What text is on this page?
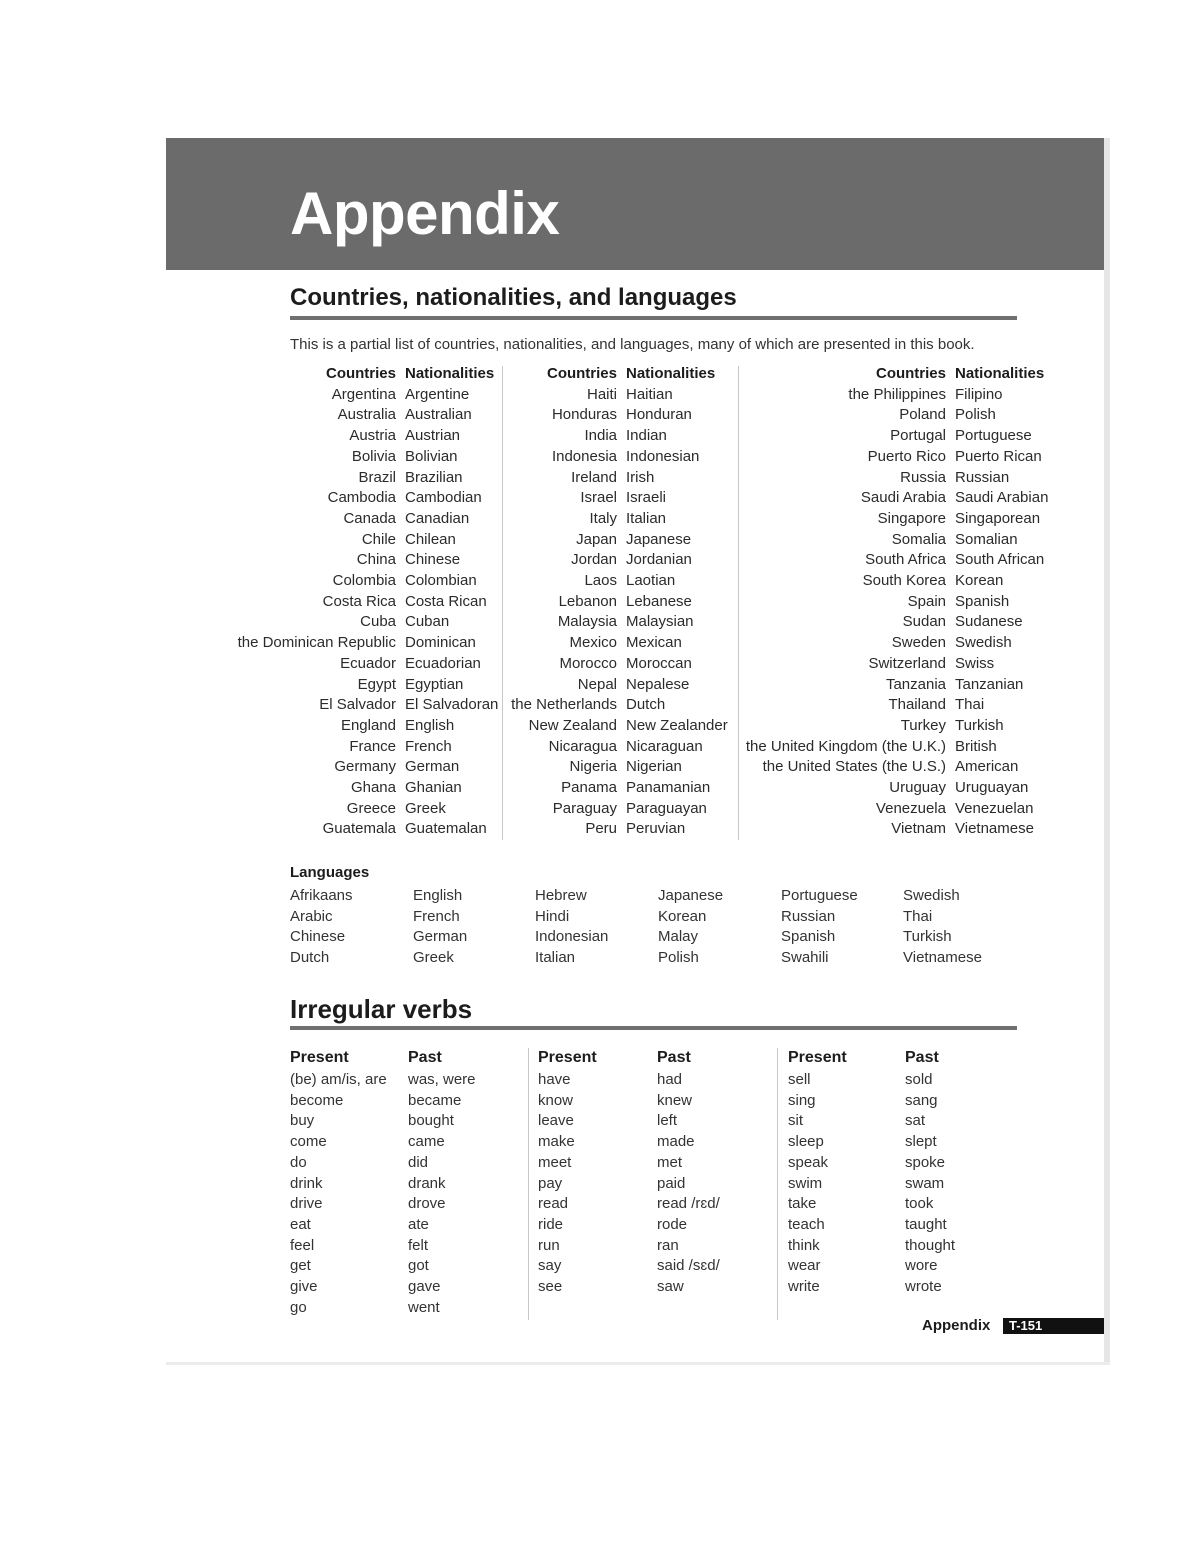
Appendix
Countries, nationalities, and languages

This is a partial list of countries, nationalities, and languages, many of which are presented in this book.

Countries
Argentina
Australia
Austria
Bolivia
Brazil
Cambodia
Canada
Chile
China
Colombia
Costa Rica
Cuba
the Dominican Republic
Ecuador
Egypt
El Salvador
England
France
Germany
Ghana
Greece
Guatemala
Nationalities
Argentine
Australian
Austrian
Bolivian
Brazilian
Cambodian
Canadian
Chilean
Chinese
Colombian
Costa Rican
Cuban
Dominican
Ecuadorian
Egyptian
El Salvadoran
English
French
German
Ghanian
Greek
Guatemalan
Countries
Haiti
Honduras
India
Indonesia
Ireland
Israel
Italy
Japan
Jordan
Laos
Lebanon
Malaysia
Mexico
Morocco
Nepal
the Netherlands
New Zealand
Nicaragua
Nigeria
Panama
Paraguay
Peru
Nationalities
Haitian
Honduran
Indian
Indonesian
Irish
Israeli
Italian
Japanese
Jordanian
Laotian
Lebanese
Malaysian
Mexican
Moroccan
Nepalese
Dutch
New Zealander
Nicaraguan
Nigerian
Panamanian
Paraguayan
Peruvian
Countries
the Philippines
Poland
Portugal
Puerto Rico
Russia
Saudi Arabia
Singapore
Somalia
South Africa
South Korea
Spain
Sudan
Sweden
Switzerland
Tanzania
Thailand
Turkey
the United Kingdom (the U.K.)
the United States (the U.S.)
Uruguay
Venezuela
Vietnam
Nationalities
Filipino
Polish
Portuguese
Puerto Rican
Russian
Saudi Arabian
Singaporean
Somalian
South African
Korean
Spanish
Sudanese
Swedish
Swiss
Tanzanian
Thai
Turkish
British
American
Uruguayan
Venezuelan
Vietnamese
Languages
Afrikaans
Arabic
Chinese
Dutch
English
French
German
Greek
Hebrew
Hindi
Indonesian
Italian
Japanese
Korean
Malay
Polish
Portuguese
Russian
Spanish
Swahili
Swedish
Thai
Turkish
Vietnamese
Irregular verbs
Present
(be) am/is, are
become
buy
come
do
drink
drive
eat
feel
get
give
go
Past
was, were
became
bought
came
did
drank
drove
ate
felt
got
gave
went
Present
have
know
leave
make
meet
pay
read
ride
run
say
see
Past
had
knew
left
made
met
paid
read /rɛd/
rode
ran
said /sɛd/
saw
Present
sell
sing
sit
sleep
speak
swim
take
teach
think
wear
write
Past
sold
sang
sat
slept
spoke
swam
took
taught
thought
wore
wrote
Appendix	T-151
